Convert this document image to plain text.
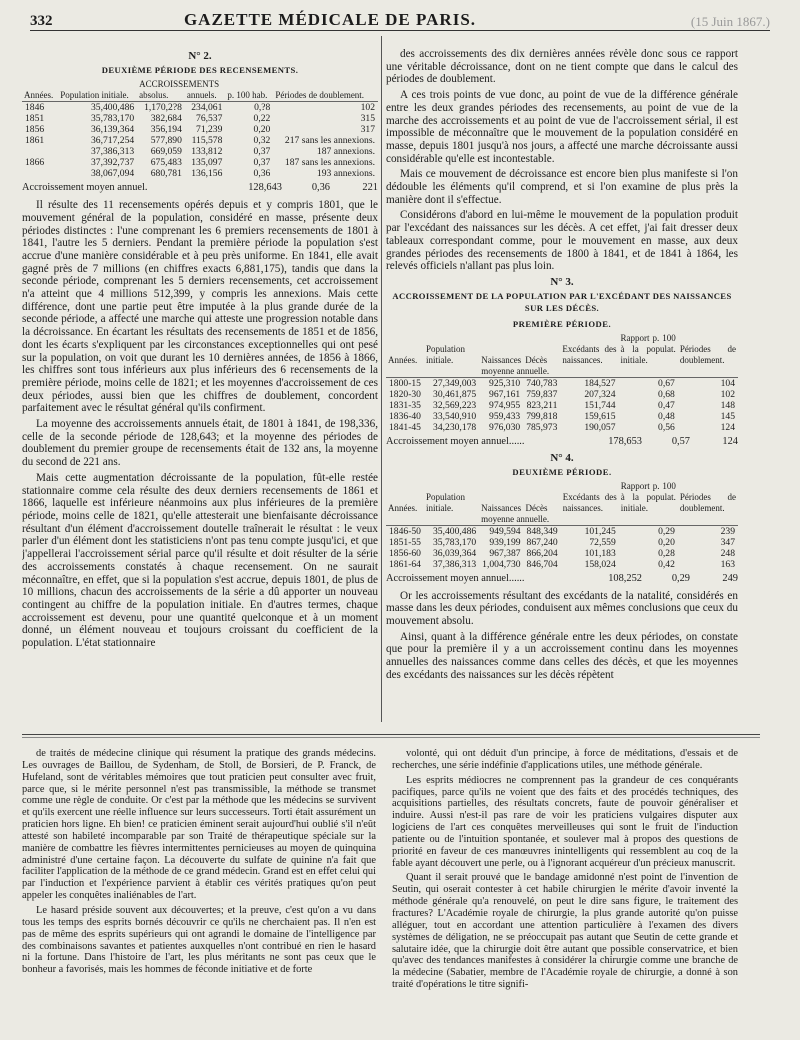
332	GAZETTE MÉDICALE DE PARIS.	(15 Juin 1867.)
N° 2.
DEUXIÈME PÉRIODE DES RECENSEMENTS.
		ACCROISSEMENTS			
Années.	Population initiale.	absolus.	annuels.	p. 100 hab.	Périodes de doublement.
1846	35,400,486	1,170,2?8	234,061	0,?8	102
1851	35,783,170	382,684	76,537	0,22	315
1856	36,139,364	356,194	71,239	0,20	317
1861	36,717,254	577,890	115,578	0,32	217 sans les annexions.
	37,386,313	669,059	133,812	0,37	187 annexions.
1866	37,392,737	675,483	135,097	0,37	187 sans les annexions.
	38,067,094	680,781	136,156	0,36	193 annexions.
Accroissement moyen annuel.	128,643	0,36	221

Il résulte des 11 recensements opérés depuis et y compris 1801, que le mouvement général de la population, considéré en masse, présente deux périodes distinctes : l'une comprenant les 6 premiers recensements de 1801 à 1841, l'autre les 5 derniers. Pendant la première période la population s'est accrue d'une manière considérable et à peu près uniforme. En 1841, elle avait gagné près de 7 millions (en chiffres exacts 6,881,175), tandis que dans la seconde période, comprenant les 5 derniers recensements, cet accroissement n'a atteint que 4 millions 512,399, y compris les annexions. Mais cette différence, dont une partie peut être imputée à la plus grande durée de la seconde période, a affecté une marche qui atteste une progression notable dans la décroissance. En écartant les résultats des recensements de 1851 et de 1856, dont les écarts s'expliquent par les circonstances exceptionnelles qui ont pesé sur la population, on voit que durant les 10 dernières années, de 1856 à 1866, les chiffres sont tous inférieurs aux plus inférieurs des 6 recensements de la première période, moins celle de 1821; et les moyennes d'accroissement de ces deux périodes, aussi bien que les chiffres de doublement, concordent parfaitement avec le résultat général qu'ils confirment.

La moyenne des accroissements annuels était, de 1801 à 1841, de 198,336, celle de la seconde période de 128,643; et la moyenne des périodes de doublement du premier groupe de recensements était de 132 ans, la moyenne du second de 221 ans.

Mais cette augmentation décroissante de la population, fût-elle restée stationnaire comme cela résulte des deux derniers recensements de 1861 et 1866, laquelle est inférieure néanmoins aux plus inférieures de la première période, moins celle de 1821, qu'elle attesterait une bienfaisante décroissance résultant d'un élément d'accroissement doutelle traînerait le résultat : le veux parler d'un élément dont les statisticiens n'ont pas tenu compte jusqu'ici, et que j'appellerai l'accroissement sérial parce qu'il résulte et doit résulter de la série des accroissements constatés à chaque recensement. On ne saurait méconnaître, en effet, que si la population s'est accrue, depuis 1801, de plus de 10 millions, chacun des accroissements de la série a dû apporter un nouveau contingent au chiffre de la population initiale. En d'autres termes, chaque accroissement est devenu, pour une quantité quelconque et à un moment donné, un élément nouveau et toujours croissant du coefficient de la population. L'état stationnaire

des accroissements des dix dernières années révèle donc sous ce rapport une véritable décroissance, dont on ne tient compte que dans le calcul des périodes de doublement.

A ces trois points de vue donc, au point de vue de la différence générale entre les deux grandes périodes des recensements, au point de vue de la marche des accroissements et au point de vue de l'accroissement sérial, il est impossible de méconnaître que le mouvement de la population considéré en masse, depuis 1801 jusqu'à nos jours, a affecté une marche décroissante aussi considérable qu'elle est incontestable.

Mais ce mouvement de décroissance est encore bien plus manifeste si l'on dédouble les éléments qu'il comprend, et si l'on examine de plus près la manière dont il s'effectue.

Considérons d'abord en lui-même le mouvement de la population produit par l'excédant des naissances sur les décès. A cet effet, j'ai fait dresser deux tableaux correspondant comme, pour le mouvement en masse, aux deux grandes périodes des recensements de 1800 à 1841, et de 1841 à 1864, les relevés officiels n'allant pas plus loin.

N° 3.
ACCROISSEMENT DE LA POPULATION PAR L'EXCÉDANT DES NAISSANCES SUR LES DÉCÈS.
PREMIÈRE PÉRIODE.
Années.	Population initiale.	Naissances	Décès	Excédants des naissances.	Rapport p. 100 à la populat. initiale.	Périodes de doublement.
		moyenne annuelle.				
1800-15	27,349,003	925,310	740,783	184,527	0,67	104
1820-30	30,461,875	967,161	759,837	207,324	0,68	102
1831-35	32,569,223	974,955	823,211	151,744	0,47	148
1836-40	33,540,910	959,433	799,818	159,615	0,48	145
1841-45	34,230,178	976,030	785,973	190,057	0,56	124
Accroissement moyen annuel......	178,653	0,57	124
N° 4.
DEUXIÈME PÉRIODE.
Années.	Population initiale.	Naissances	Décès	Excédants des naissances.	Rapport p. 100 à la populat. initiale.	Périodes de doublement.
		moyenne annuelle.				
1846-50	35,400,486	949,594	848,349	101,245	0,29	239
1851-55	35,783,170	939,199	867,240	72,559	0,20	347
1856-60	36,039,364	967,387	866,204	101,183	0,28	248
1861-64	37,386,313	1,004,730	846,704	158,024	0,42	163
Accroissement moyen annuel......	108,252	0,29	249

Or les accroissements résultant des excédants de la natalité, considérés en masse dans les deux périodes, conduisent aux mêmes conclusions que ceux du mouvement absolu.

Ainsi, quant à la différence générale entre les deux périodes, on constate que pour la première il y a un accroissement continu dans les moyennes annuelles des naissances comme dans celles des décès, et que les moyennes des excédants des naissances sur les décès répètent

de traités de médecine clinique qui résument la pratique des grands médecins. Les ouvrages de Baillou, de Sydenham, de Stoll, de Borsieri, de P. Franck, de Hufeland, sont de véritables mémoires que tout praticien peut consulter avec fruit, parce que, si le mérite personnel n'est pas transmissible, la méthode se transmet comme une règle de conduite. Or c'est par la méthode que les médecins se survivent et qu'ils exercent une réelle influence sur leurs successeurs. Torti était assurément un praticien hors ligne. Eh bien! ce praticien éminent serait aujourd'hui oublié s'il n'eût attesté son habileté incomparable par son Traité de thérapeutique spéciale sur la manière de combattre les fièvres intermittentes pernicieuses au moyen de quinquina administré d'une certaine façon. La découverte du sulfate de quinine n'a fait que faciliter l'application de la méthode de ce grand médecin. Grand est en effet celui qui par l'induction et l'expérience parvient à établir ces vérités pratiques qu'on peut appeler les conquêtes inaliénables de l'art.

Le hasard préside souvent aux découvertes; et la preuve, c'est qu'on a vu dans tous les temps des esprits bornés découvrir ce qu'ils ne cherchaient pas. Il n'en est pas de même des esprits supérieurs qui ont agrandi le domaine de l'intelligence par des combinaisons savantes et patientes auxquelles n'ont contribué en rien le hasard ni la fortune. Dans l'histoire de l'art, les plus méritants ne sont pas ceux que le bonheur a favorisés, mais les hommes de féconde initiative et de forte

volonté, qui ont déduit d'un principe, à force de méditations, d'essais et de recherches, une série indéfinie d'applications utiles, une méthode générale.

Les esprits médiocres ne comprennent pas la grandeur de ces conquérants pacifiques, parce qu'ils ne voient que des faits et des procédés techniques, des acquisitions partielles, des résultats concrets, faute de pouvoir généraliser et induire. Aussi n'est-il pas rare de voir les praticiens vulgaires disputer aux logiciens de l'art ces conquêtes merveilleuses qui sont le fruit de l'induction patiente ou de l'intuition spontanée, et soulever mal à propos des questions de priorité en faveur de ces manœuvres inintelligents qui ressemblent au coq de la fable ayant découvert une perle, ou à l'ignorant acquéreur d'un précieux manuscrit.

Quant il serait prouvé que le bandage amidonné n'est point de l'invention de Seutin, qui oserait contester à cet habile chirurgien le mérite d'avoir inventé la méthode générale qu'a renouvelé, on peut le dire sans figure, le traitement des fractures? L'Académie royale de chirurgie, la plus grande autorité qu'on puisse alléguer, tout en accordant une attention particulière à l'examen des divers systèmes de déligation, ne se préoccupait pas autant que Seutin de cette grande et salutaire idée, que la chirurgie doit être autant que possible conservatrice, et bien qu'avec des tendances manifestes à considérer la chirurgie comme une branche de la médecine (Sabatier, membre de l'Académie royale de chirurgie, a donné à son traité d'opérations le titre signifi-
